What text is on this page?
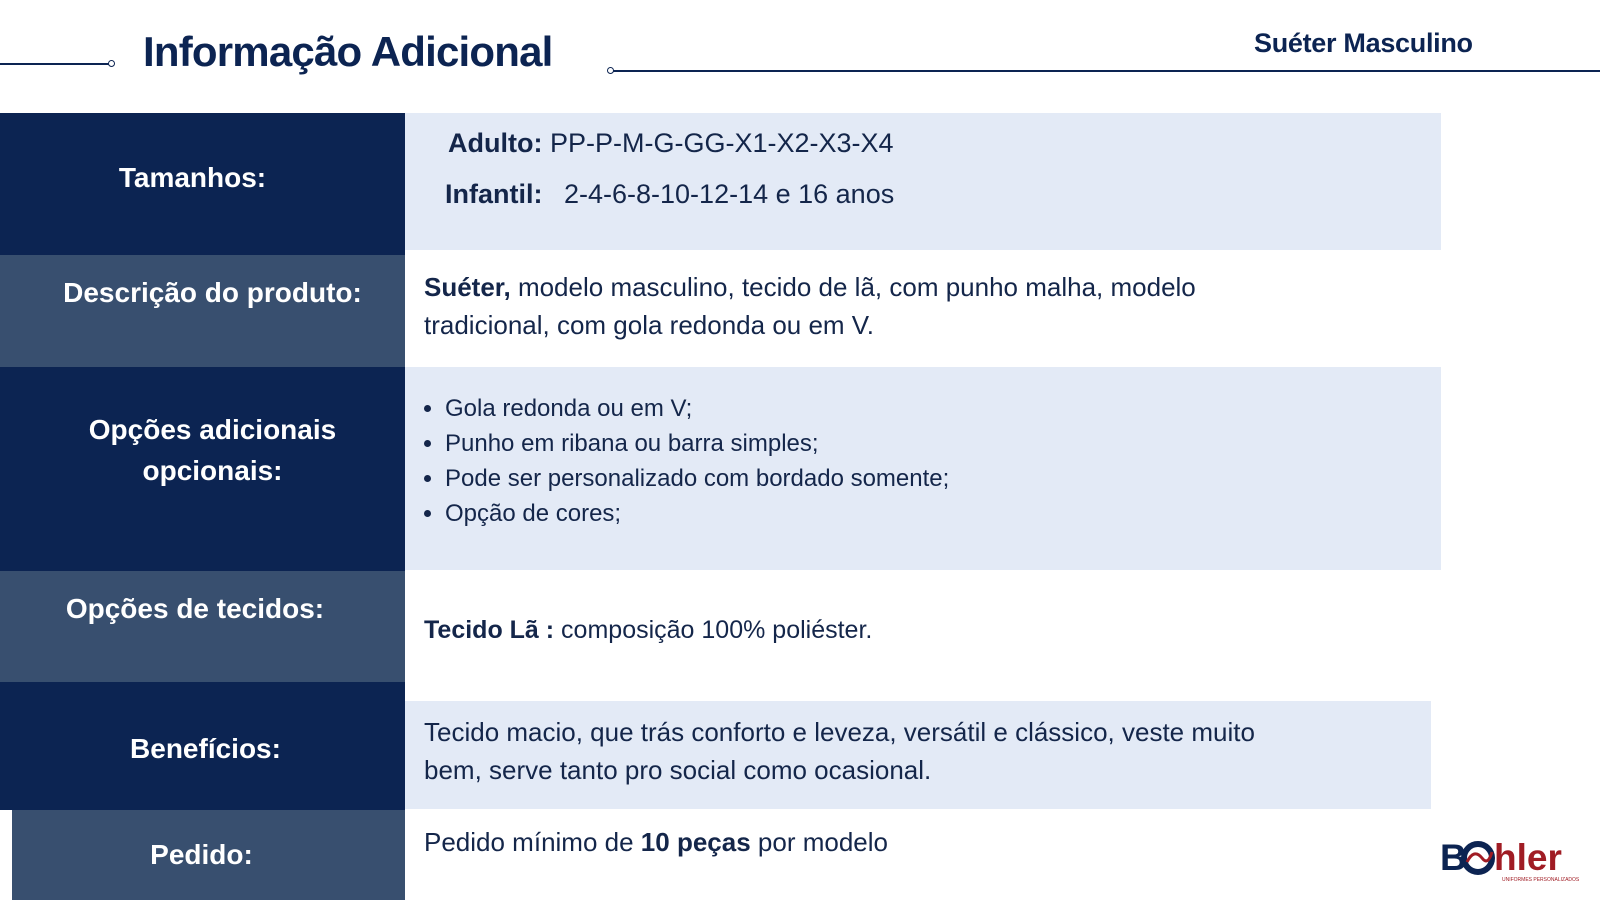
Informação Adicional	Suéter Masculino
Tamanhos:
Adulto: PP-P-M-G-GG-X1-X2-X3-X4
Infantil: 2-4-6-8-10-12-14 e 16 anos
Descrição do produto: Suéter, modelo masculino, tecido de lã, com punho malha, modelo tradicional, com gola redonda ou em V.
Opções adicionais
opcionais:
• Gola redonda ou em V;
• Punho em ribana ou barra simples;
• Pode ser personalizado com bordado somente;
• Opção de cores;
Opções de tecidos:
Tecido Lã : composição 100% poliéster.
Benefícios:
Tecido macio, que trás conforto e leveza, versátil e clássico, veste muito bem, serve tanto pro social como ocasional.
Pedido:	Pedido mínimo de 10 peças por modelo	B hler
UNIFORMES PERSONALIZADOS
